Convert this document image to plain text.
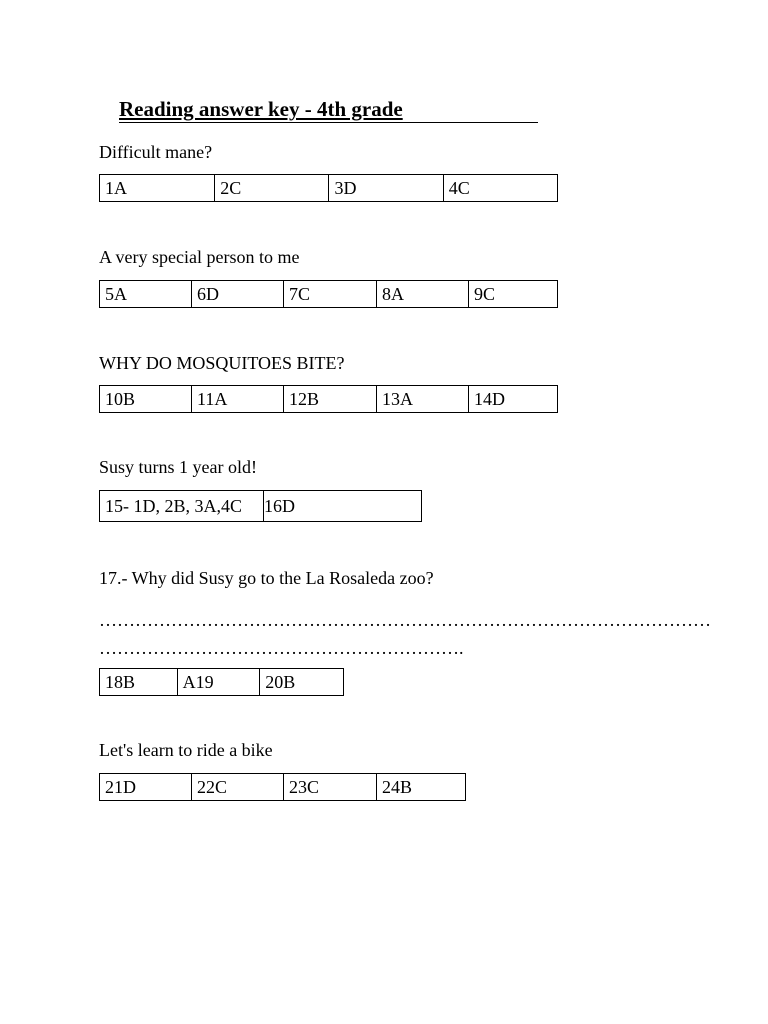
Reading answer key - 4th grade
Difficult mane?
1A	2C	3D	4C
A very special person to me
5A	6D	7C	8A	9C
WHY DO MOSQUITOES BITE?
10B	11A	12B	13A	14D
Susy turns 1 year old!
15- 1D, 2B, 3A,4C	16D
17.- Why did Susy go to the La Rosaleda zoo?
…………………………………………………………………………………………
…………………………………………………….
18B	A19	20B
Let's learn to ride a bike
21D	22C	23C	24B
